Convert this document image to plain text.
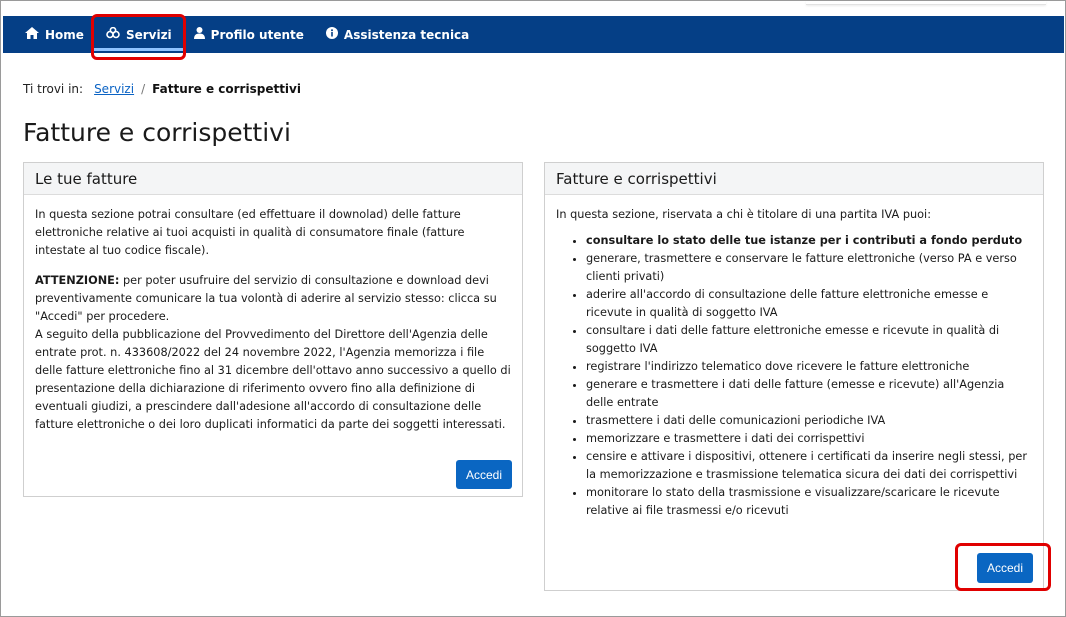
Home	Servizi	Profilo utente	Assistenza tecnica
Ti trovi in: Servizi / Fatture e corrispettivi
Fatture e corrispettivi
Le tue fatture

In questa sezione potrai consultare (ed effettuare il downolad) delle fatture elettroniche relative ai tuoi acquisti in qualità di consumatore finale (fatture intestate al tuo codice fiscale).

ATTENZIONE: per poter usufruire del servizio di consultazione e download devi preventivamente comunicare la tua volontà di aderire al servizio stesso: clicca su "Accedi" per procedere.

A seguito della pubblicazione del Provvedimento del Direttore dell'Agenzia delle entrate prot. n. 433608/2022 del 24 novembre 2022, l'Agenzia memorizza i file delle fatture elettroniche fino al 31 dicembre dell'ottavo anno successivo a quello di presentazione della dichiarazione di riferimento ovvero fino alla definizione di eventuali giudizi, a prescindere dall'adesione all'accordo di consultazione delle fatture elettroniche o dei loro duplicati informatici da parte dei soggetti interessati.

Accedi
Fatture e corrispettivi

In questa sezione, riservata a chi è titolare di una partita IVA puoi:

• consultare lo stato delle tue istanze per i contributi a fondo perduto
• generare, trasmettere e conservare le fatture elettroniche (verso PA e verso clienti privati)
• aderire all'accordo di consultazione delle fatture elettroniche emesse e ricevute in qualità di soggetto IVA
• consultare i dati delle fatture elettroniche emesse e ricevute in qualità di soggetto IVA
• registrare l'indirizzo telematico dove ricevere le fatture elettroniche
• generare e trasmettere i dati delle fatture (emesse e ricevute) all'Agenzia delle entrate
• trasmettere i dati delle comunicazioni periodiche IVA
• memorizzare e trasmettere i dati dei corrispettivi
• censire e attivare i dispositivi, ottenere i certificati da inserire negli stessi, per la memorizzazione e trasmissione telematica sicura dei dati dei corrispettivi
• monitorare lo stato della trasmissione e visualizzare/scaricare le ricevute relative ai file trasmessi e/o ricevuti
Accedi
